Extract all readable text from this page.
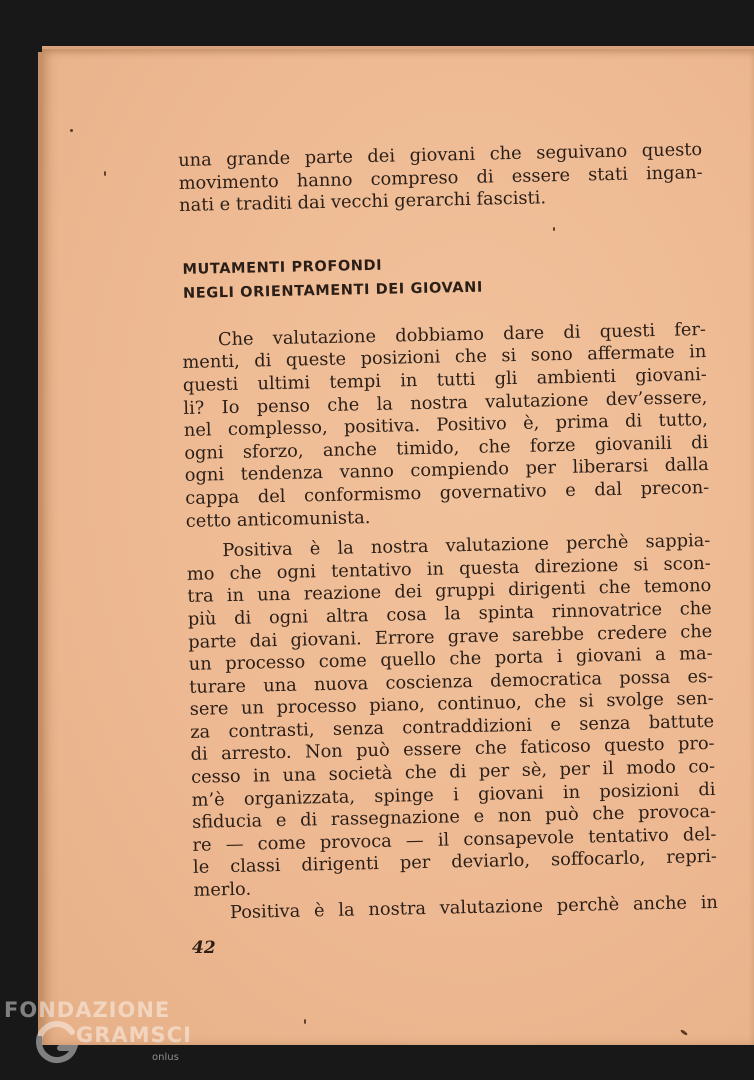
una grande parte dei giovani che seguivano questo
movimento hanno compreso di essere stati ingan-
nati e traditi dai vecchi gerarchi fascisti.

MUTAMENTI PROFONDI
NEGLI ORIENTAMENTI DEI GIOVANI

Che valutazione dobbiamo dare di questi fer-
menti, di queste posizioni che si sono affermate in
questi ultimi tempi in tutti gli ambienti giovani-
li? Io penso che la nostra valutazione dev’essere,
nel complesso, positiva. Positivo è, prima di tutto,
ogni sforzo, anche timido, che forze giovanili di
ogni tendenza vanno compiendo per liberarsi dalla
cappa del conformismo governativo e dal precon-
cetto anticomunista.

Positiva è la nostra valutazione perchè sappia-
mo che ogni tentativo in questa direzione si scon-
tra in una reazione dei gruppi dirigenti che temono
più di ogni altra cosa la spinta rinnovatrice che
parte dai giovani. Errore grave sarebbe credere che
un processo come quello che porta i giovani a ma-
turare una nuova coscienza democratica possa es-
sere un processo piano, continuo, che si svolge sen-
za contrasti, senza contraddizioni e senza battute
di arresto. Non può essere che faticoso questo pro-
cesso in una società che di per sè, per il modo co-
m’è organizzata, spinge i giovani in posizioni di
sfiducia e di rassegnazione e non può che provoca-
re — come provoca — il consapevole tentativo del-
le classi dirigenti per deviarlo, soffocarlo, repri-
merlo.

Positiva è la nostra valutazione perchè anche in

42
FONDAZIONE
GRAMSCI
onlus
